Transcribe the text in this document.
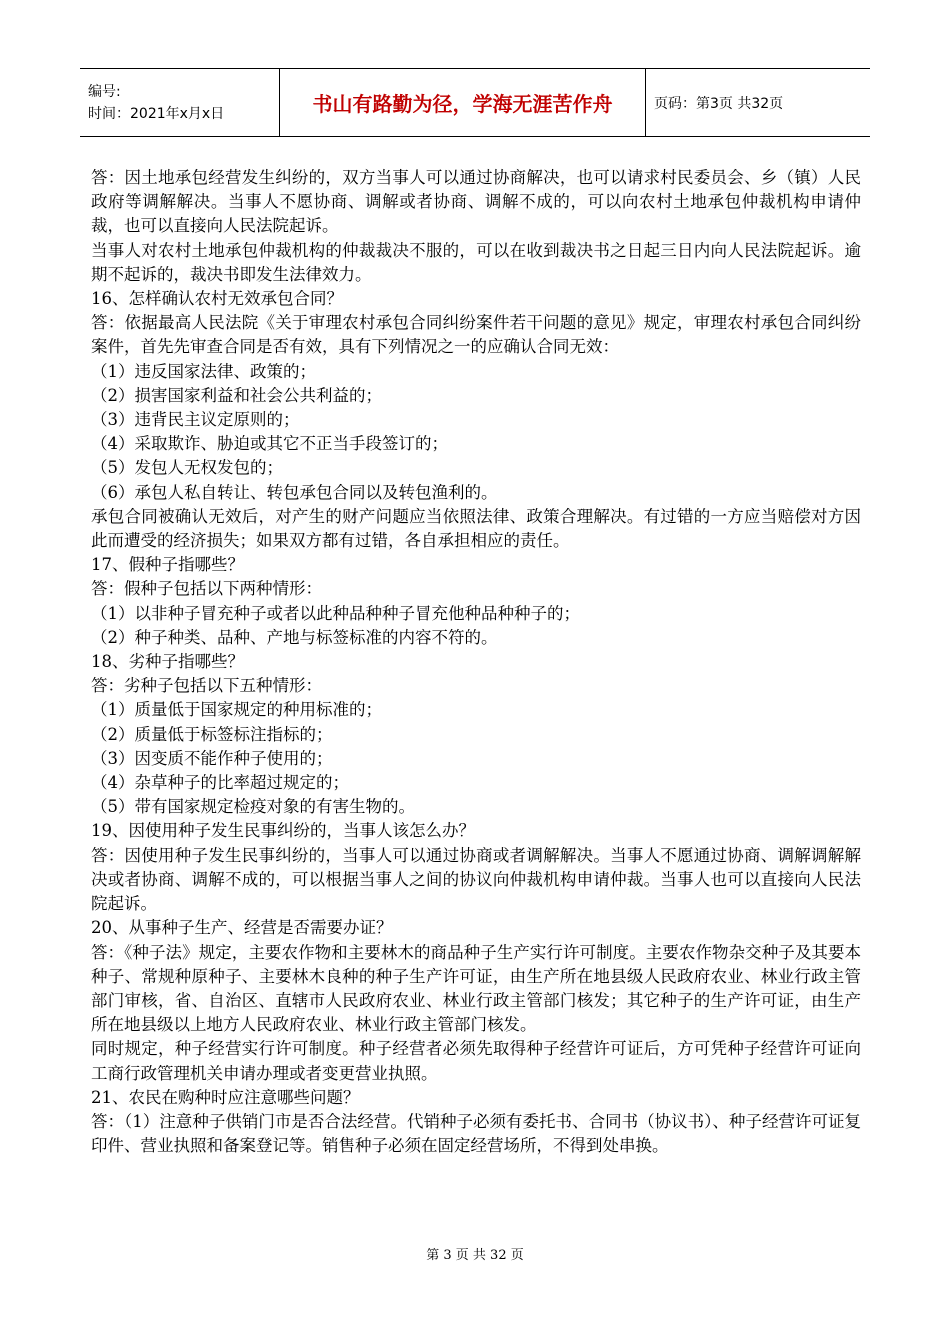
编号:
时间：2021年x月x日	书山有路勤为径，学海无涯苦作舟	页码：第3页 共32页

答：因土地承包经营发生纠纷的，双方当事人可以通过协商解决，也可以请求村民委员会、乡（镇）人民政府等调解解决。当事人不愿协商、调解或者协商、调解不成的，可以向农村土地承包仲裁机构申请仲裁，也可以直接向人民法院起诉。

当事人对农村土地承包仲裁机构的仲裁裁决不服的，可以在收到裁决书之日起三日内向人民法院起诉。逾期不起诉的，裁决书即发生法律效力。

16、怎样确认农村无效承包合同？

答：依据最高人民法院《关于审理农村承包合同纠纷案件若干问题的意见》规定，审理农村承包合同纠纷案件，首先先审查合同是否有效，具有下列情况之一的应确认合同无效：

（1）违反国家法律、政策的；

（2）损害国家利益和社会公共利益的；

（3）违背民主议定原则的；

（4）采取欺诈、胁迫或其它不正当手段签订的；

（5）发包人无权发包的；

（6）承包人私自转让、转包承包合同以及转包渔利的。

承包合同被确认无效后，对产生的财产问题应当依照法律、政策合理解决。有过错的一方应当赔偿对方因此而遭受的经济损失；如果双方都有过错，各自承担相应的责任。

17、假种子指哪些？

答：假种子包括以下两种情形：

（1）以非种子冒充种子或者以此种品种种子冒充他种品种种子的；

（2）种子种类、品种、产地与标签标准的内容不符的。

18、劣种子指哪些？

答：劣种子包括以下五种情形：

（1）质量低于国家规定的种用标准的；

（2）质量低于标签标注指标的；

（3）因变质不能作种子使用的；

（4）杂草种子的比率超过规定的；

（5）带有国家规定检疫对象的有害生物的。

19、因使用种子发生民事纠纷的，当事人该怎么办？

答：因使用种子发生民事纠纷的，当事人可以通过协商或者调解解决。当事人不愿通过协商、调解调解解决或者协商、调解不成的，可以根据当事人之间的协议向仲裁机构申请仲裁。当事人也可以直接向人民法院起诉。

20、从事种子生产、经营是否需要办证？

答：《种子法》规定，主要农作物和主要林木的商品种子生产实行许可制度。主要农作物杂交种子及其要本种子、常规种原种子、主要林木良种的种子生产许可证，由生产所在地县级人民政府农业、林业行政主管部门审核，省、自治区、直辖市人民政府农业、林业行政主管部门核发；其它种子的生产许可证，由生产所在地县级以上地方人民政府农业、林业行政主管部门核发。

同时规定，种子经营实行许可制度。种子经营者必须先取得种子经营许可证后，方可凭种子经营许可证向工商行政管理机关申请办理或者变更营业执照。

21、农民在购种时应注意哪些问题？

答：（1）注意种子供销门市是否合法经营。代销种子必须有委托书、合同书（协议书）、种子经营许可证复印件、营业执照和备案登记等。销售种子必须在固定经营场所，不得到处串换。

第 3 页 共 32 页
